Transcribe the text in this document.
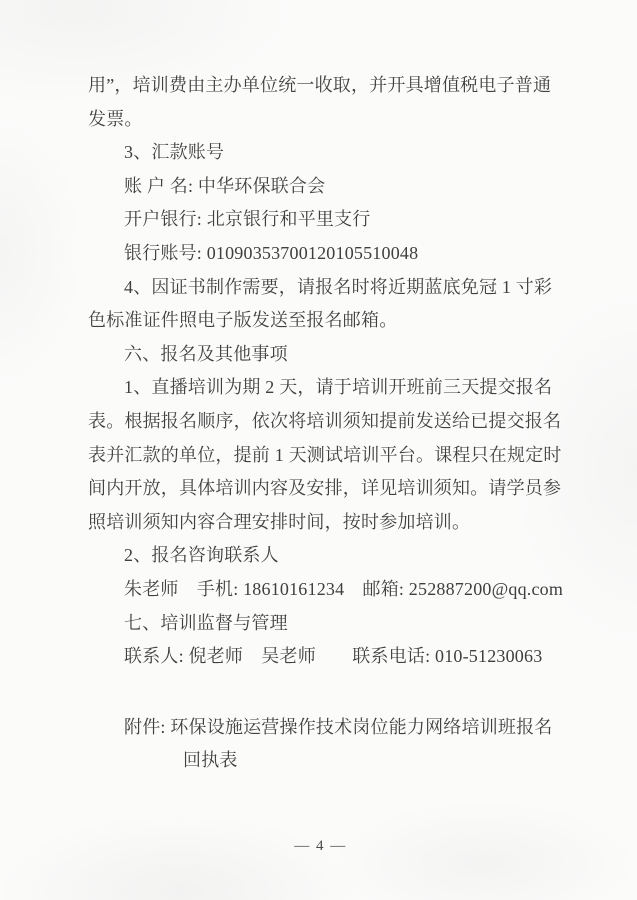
用”，培训费由主办单位统一收取，并开具增值税电子普通
发票。
3、汇款账号
账 户 名: 中华环保联合会
开户银行: 北京银行和平里支行
银行账号: 01090353700120105510048
4、因证书制作需要，请报名时将近期蓝底免冠 1 寸彩
色标准证件照电子版发送至报名邮箱。
六、报名及其他事项
1、直播培训为期 2 天，请于培训开班前三天提交报名
表。根据报名顺序，依次将培训须知提前发送给已提交报名
表并汇款的单位，提前 1 天测试培训平台。课程只在规定时
间内开放，具体培训内容及安排，详见培训须知。请学员参
照培训须知内容合理安排时间，按时参加培训。
2、报名咨询联系人
朱老师　手机: 18610161234　邮箱: 252887200@qq.com
七、培训监督与管理
联系人: 倪老师　吴老师　　联系电话: 010-51230063
附件: 环保设施运营操作技术岗位能力网络培训班报名
回执表
— 4 —
